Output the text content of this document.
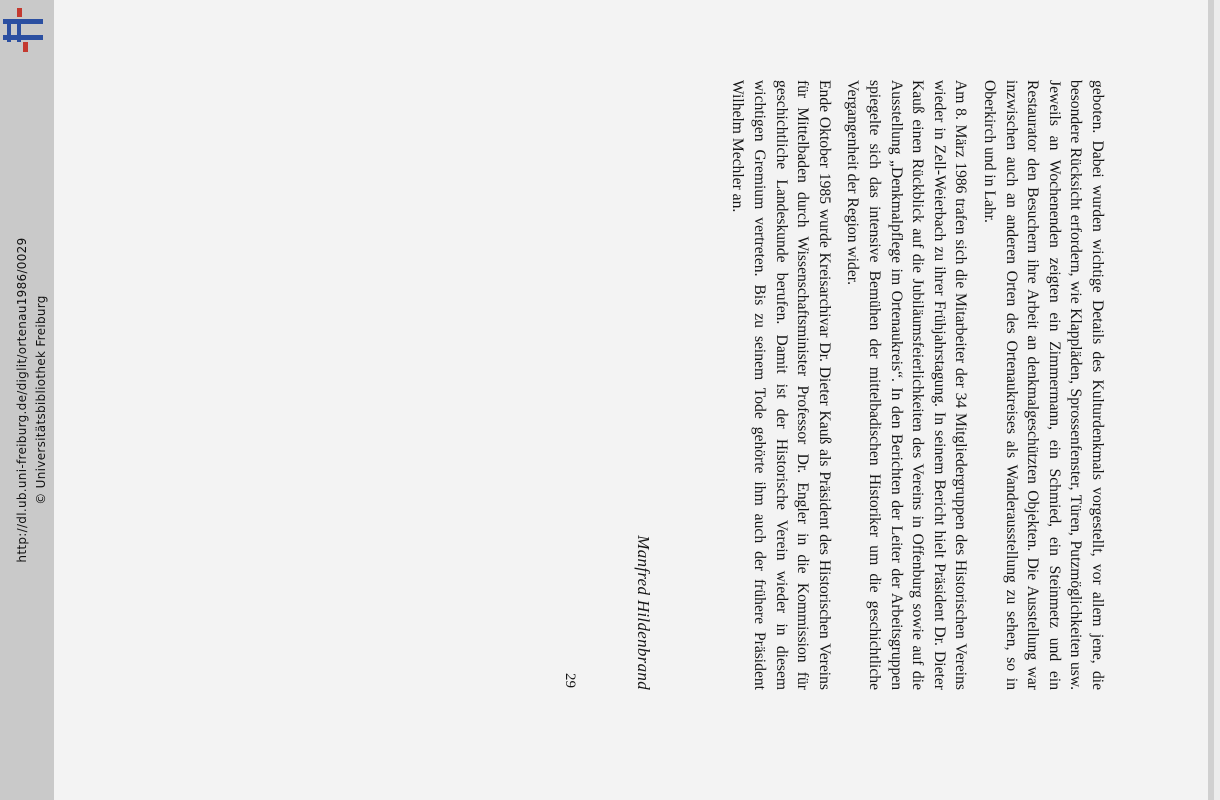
http://dl.ub.uni-freiburg.de/diglit/ortenau1986/0029 © Universitätsbibliothek Freiburg	geboten. Dabei wurden wichtige Details des Kulturdenkmals vorgestellt, vor allem jene, die besondere Rücksicht erfordern, wie Klappläden, Sprossenfenster, Türen, Putzmöglichkeiten usw. Jeweils an Wochenenden zeigten ein Zimmermann, ein Schmied, ein Steinmetz und ein Restaurator den Besuchern ihre Arbeit an denkmalgeschützten Objekten. Die Ausstellung war inzwischen auch an anderen Orten des Ortenaukreises als Wanderausstellung zu sehen, so in Oberkirch und in Lahr.

Am 8. März 1986 trafen sich die Mitarbeiter der 34 Mitgliedergruppen des Historischen Vereins wieder in Zell-Weierbach zu ihrer Frühjahrstagung. In seinem Bericht hielt Präsident Dr. Dieter Kauß einen Rückblick auf die Jubiläumsfeierlichkeiten des Vereins in Offenburg sowie auf die Ausstellung „Denkmalpflege im Ortenaukreis“. In den Berichten der Leiter der Arbeitsgruppen spiegelte sich das intensive Bemühen der mittelbadischen Historiker um die geschichtliche Vergangenheit der Region wider.

Ende Oktober 1985 wurde Kreisarchivar Dr. Dieter Kauß als Präsident des Historischen Vereins für Mittelbaden durch Wissenschaftsminister Professor Dr. Engler in die Kommission für geschichtliche Landeskunde berufen. Damit ist der Historische Verein wieder in diesem wichtigen Gremium vertreten. Bis zu seinem Tode gehörte ihm auch der frühere Präsident Wilhelm Mechler an.

Manfred Hildenbrand
29
